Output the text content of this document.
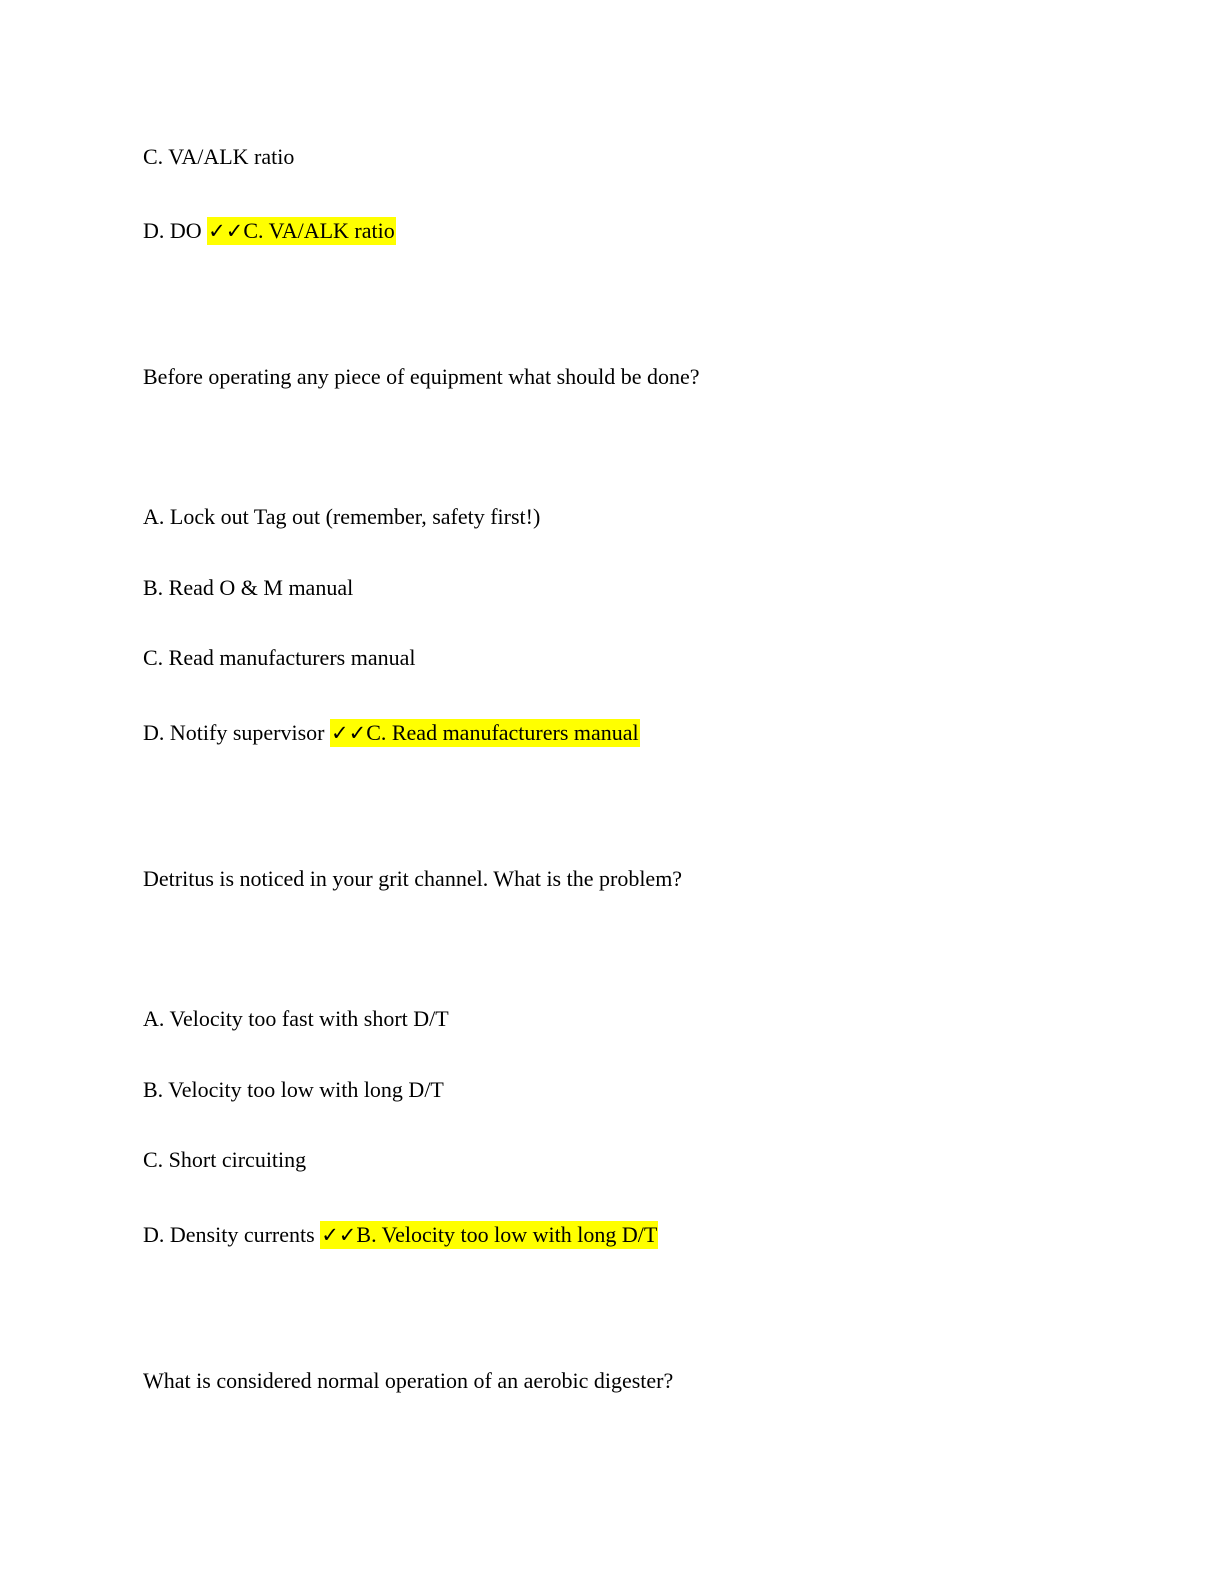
C. VA/ALK ratio
D. DO ✓✓C. VA/ALK ratio
Before operating any piece of equipment what should be done?
A. Lock out Tag out (remember, safety first!)
B. Read O & M manual
C. Read manufacturers manual
D. Notify supervisor ✓✓C. Read manufacturers manual
Detritus is noticed in your grit channel. What is the problem?
A. Velocity too fast with short D/T
B. Velocity too low with long D/T
C. Short circuiting
D. Density currents ✓✓B. Velocity too low with long D/T
What is considered normal operation of an aerobic digester?
